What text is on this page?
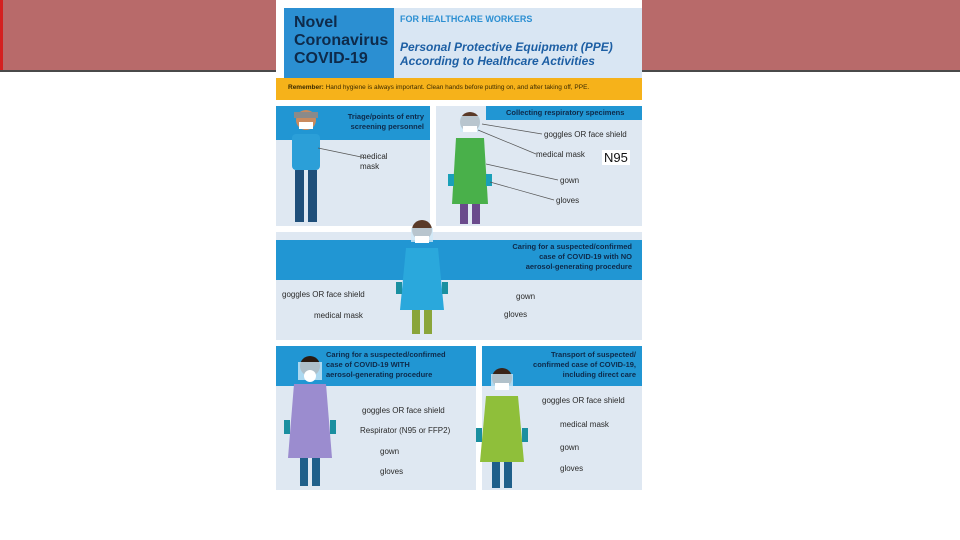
Novel
Coronavirus
COVID-19
FOR HEALTHCARE WORKERS
Personal Protective Equipment (PPE)
According to Healthcare Activities
Remember: Hand hygiene is always important. Clean hands before putting on, and after taking off, PPE.
Triage/points of entry
screening personnel
medical
mask
Collecting respiratory specimens
goggles OR face shield
medical mask
gown
gloves
Caring for a suspected/confirmed
case of COVID-19 with NO
aerosol-generating procedure
goggles OR face shield
medical mask
gown
gloves
Caring for a suspected/confirmed
case of COVID-19 WITH
aerosol-generating procedure
goggles OR face shield
Respirator (N95 or FFP2)
gown
gloves
Transport of suspected/
confirmed case of COVID-19,
including direct care
goggles OR face shield
medical mask
gown
gloves
N95
